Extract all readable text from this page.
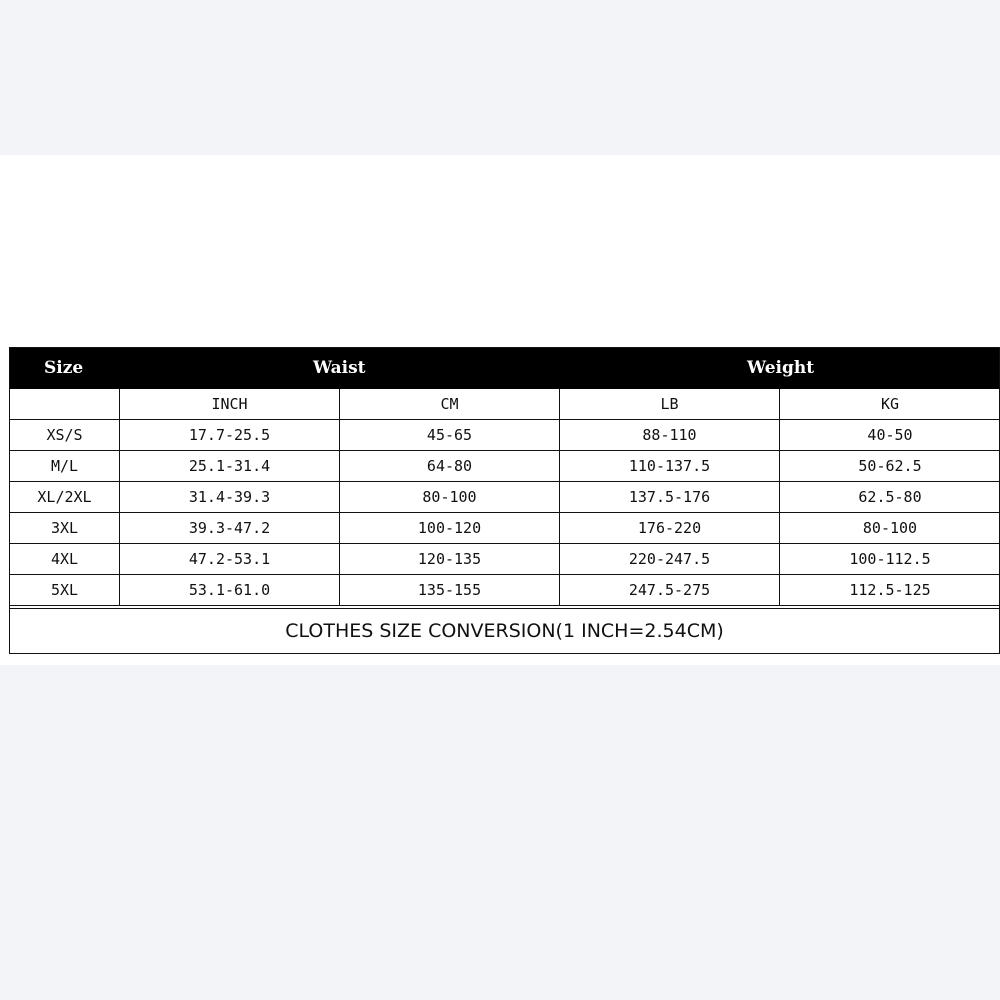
Size	Waist	Weight
	INCH	CM	LB	KG
XS/S	17.7-25.5	45-65	88-110	40-50
M/L	25.1-31.4	64-80	110-137.5	50-62.5
XL/2XL	31.4-39.3	80-100	137.5-176	62.5-80
3XL	39.3-47.2	100-120	176-220	80-100
4XL	47.2-53.1	120-135	220-247.5	100-112.5
5XL	53.1-61.0	135-155	247.5-275	112.5-125
CLOTHES SIZE CONVERSION(1 INCH=2.54CM)
